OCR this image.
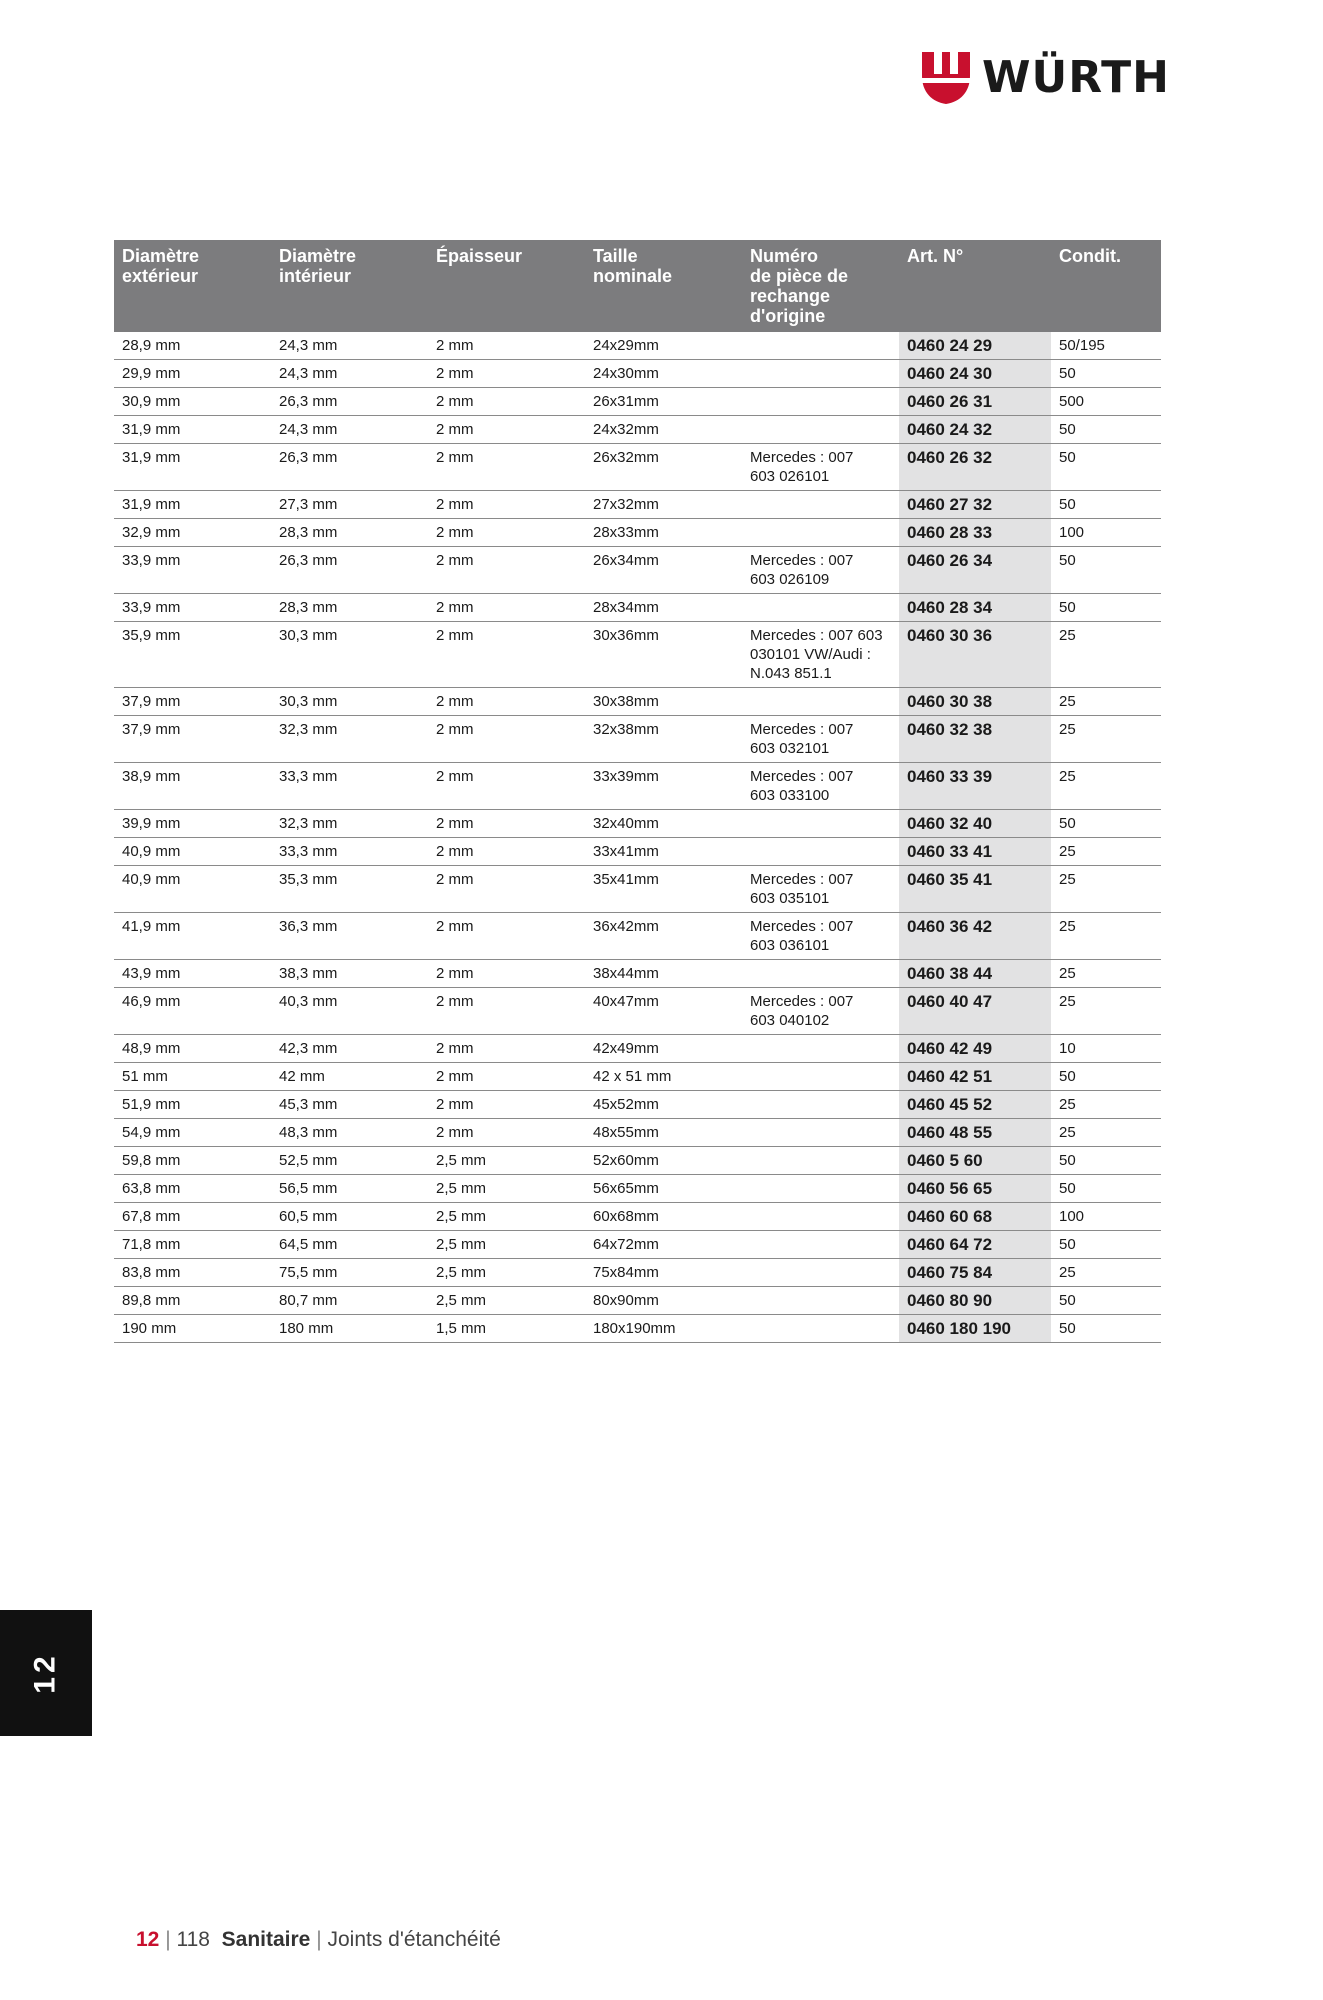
WÜRTH
Diamètre
extérieur	Diamètre
intérieur	Épaisseur	Taille
nominale	Numéro
de pièce de
rechange
d'origine	Art. N°	Condit.
28,9 mm	24,3 mm	2 mm	24x29mm		0460 24 29	50/195
29,9 mm	24,3 mm	2 mm	24x30mm		0460 24 30	50
30,9 mm	26,3 mm	2 mm	26x31mm		0460 26 31	500
31,9 mm	24,3 mm	2 mm	24x32mm		0460 24 32	50
31,9 mm	26,3 mm	2 mm	26x32mm	Mercedes : 007
603 026101	0460 26 32	50
31,9 mm	27,3 mm	2 mm	27x32mm		0460 27 32	50
32,9 mm	28,3 mm	2 mm	28x33mm		0460 28 33	100
33,9 mm	26,3 mm	2 mm	26x34mm	Mercedes : 007
603 026109	0460 26 34	50
33,9 mm	28,3 mm	2 mm	28x34mm		0460 28 34	50
35,9 mm	30,3 mm	2 mm	30x36mm	Mercedes : 007 603
030101 VW/Audi :
N.043 851.1	0460 30 36	25
37,9 mm	30,3 mm	2 mm	30x38mm		0460 30 38	25
37,9 mm	32,3 mm	2 mm	32x38mm	Mercedes : 007
603 032101	0460 32 38	25
38,9 mm	33,3 mm	2 mm	33x39mm	Mercedes : 007
603 033100	0460 33 39	25
39,9 mm	32,3 mm	2 mm	32x40mm		0460 32 40	50
40,9 mm	33,3 mm	2 mm	33x41mm		0460 33 41	25
40,9 mm	35,3 mm	2 mm	35x41mm	Mercedes : 007
603 035101	0460 35 41	25
41,9 mm	36,3 mm	2 mm	36x42mm	Mercedes : 007
603 036101	0460 36 42	25
43,9 mm	38,3 mm	2 mm	38x44mm		0460 38 44	25
46,9 mm	40,3 mm	2 mm	40x47mm	Mercedes : 007
603 040102	0460 40 47	25
48,9 mm	42,3 mm	2 mm	42x49mm		0460 42 49	10
51 mm	42 mm	2 mm	42 x 51 mm		0460 42 51	50
51,9 mm	45,3 mm	2 mm	45x52mm		0460 45 52	25
54,9 mm	48,3 mm	2 mm	48x55mm		0460 48 55	25
59,8 mm	52,5 mm	2,5 mm	52x60mm		0460 5 60	50
63,8 mm	56,5 mm	2,5 mm	56x65mm		0460 56 65	50
67,8 mm	60,5 mm	2,5 mm	60x68mm		0460 60 68	100
71,8 mm	64,5 mm	2,5 mm	64x72mm		0460 64 72	50
83,8 mm	75,5 mm	2,5 mm	75x84mm		0460 75 84	25
89,8 mm	80,7 mm	2,5 mm	80x90mm		0460 80 90	50
190 mm	180 mm	1,5 mm	180x190mm		0460 180 190	50
12
12 | 118 Sanitaire | Joints d'étanchéité
